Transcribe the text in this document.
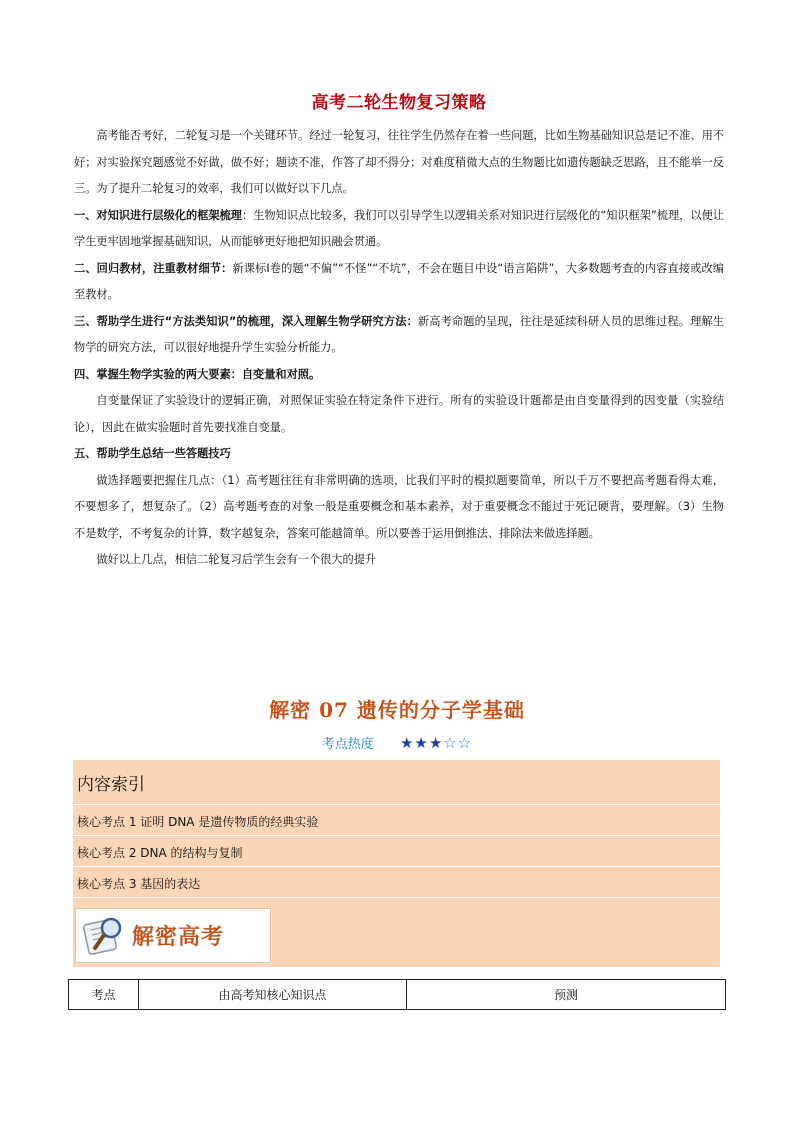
高考二轮生物复习策略

高考能否考好，二轮复习是一个关键环节。经过一轮复习，往往学生仍然存在着一些问题，比如生物基础知识总是记不准、用不好；对实验探究题感觉不好做，做不好；题读不准，作答了却不得分；对难度稍微大点的生物题比如遗传题缺乏思路，且不能举一反三。为了提升二轮复习的效率，我们可以做好以下几点。

一、对知识进行层级化的框架梳理：生物知识点比较多，我们可以引导学生以逻辑关系对知识进行层级化的“知识框架”梳理，以便让学生更牢固地掌握基础知识，从而能够更好地把知识融会贯通。

二、回归教材，注重教材细节：新课标Ⅰ卷的题“不偏”“不怪”“不坑”，不会在题目中设“语言陷阱”，大多数题考查的内容直接或改编至教材。

三、帮助学生进行“方法类知识”的梳理，深入理解生物学研究方法：新高考命题的呈现，往往是延续科研人员的思维过程。理解生物学的研究方法，可以很好地提升学生实验分析能力。

四、掌握生物学实验的两大要素：自变量和对照。

自变量保证了实验设计的逻辑正确，对照保证实验在特定条件下进行。所有的实验设计题都是由自变量得到的因变量（实验结论），因此在做实验题时首先要找准自变量。

五、帮助学生总结一些答题技巧

做选择题要把握住几点：（1）高考题往往有非常明确的选项，比我们平时的模拟题要简单，所以千万不要把高考题看得太难，不要想多了，想复杂了。（2）高考题考查的对象一般是重要概念和基本素养，对于重要概念不能过于死记硬背，要理解。（3）生物不是数学，不考复杂的计算，数字越复杂，答案可能越简单。所以要善于运用倒推法、排除法来做选择题。

做好以上几点，相信二轮复习后学生会有一个很大的提升

解密 07 遗传的分子学基础
考点热度 ★★★☆☆
内容索引
核心考点 1 证明 DNA 是遗传物质的经典实验
核心考点 2 DNA 的结构与复制
核心考点 3 基因的表达
解密高考
考点	由高考知核心知识点	预测
